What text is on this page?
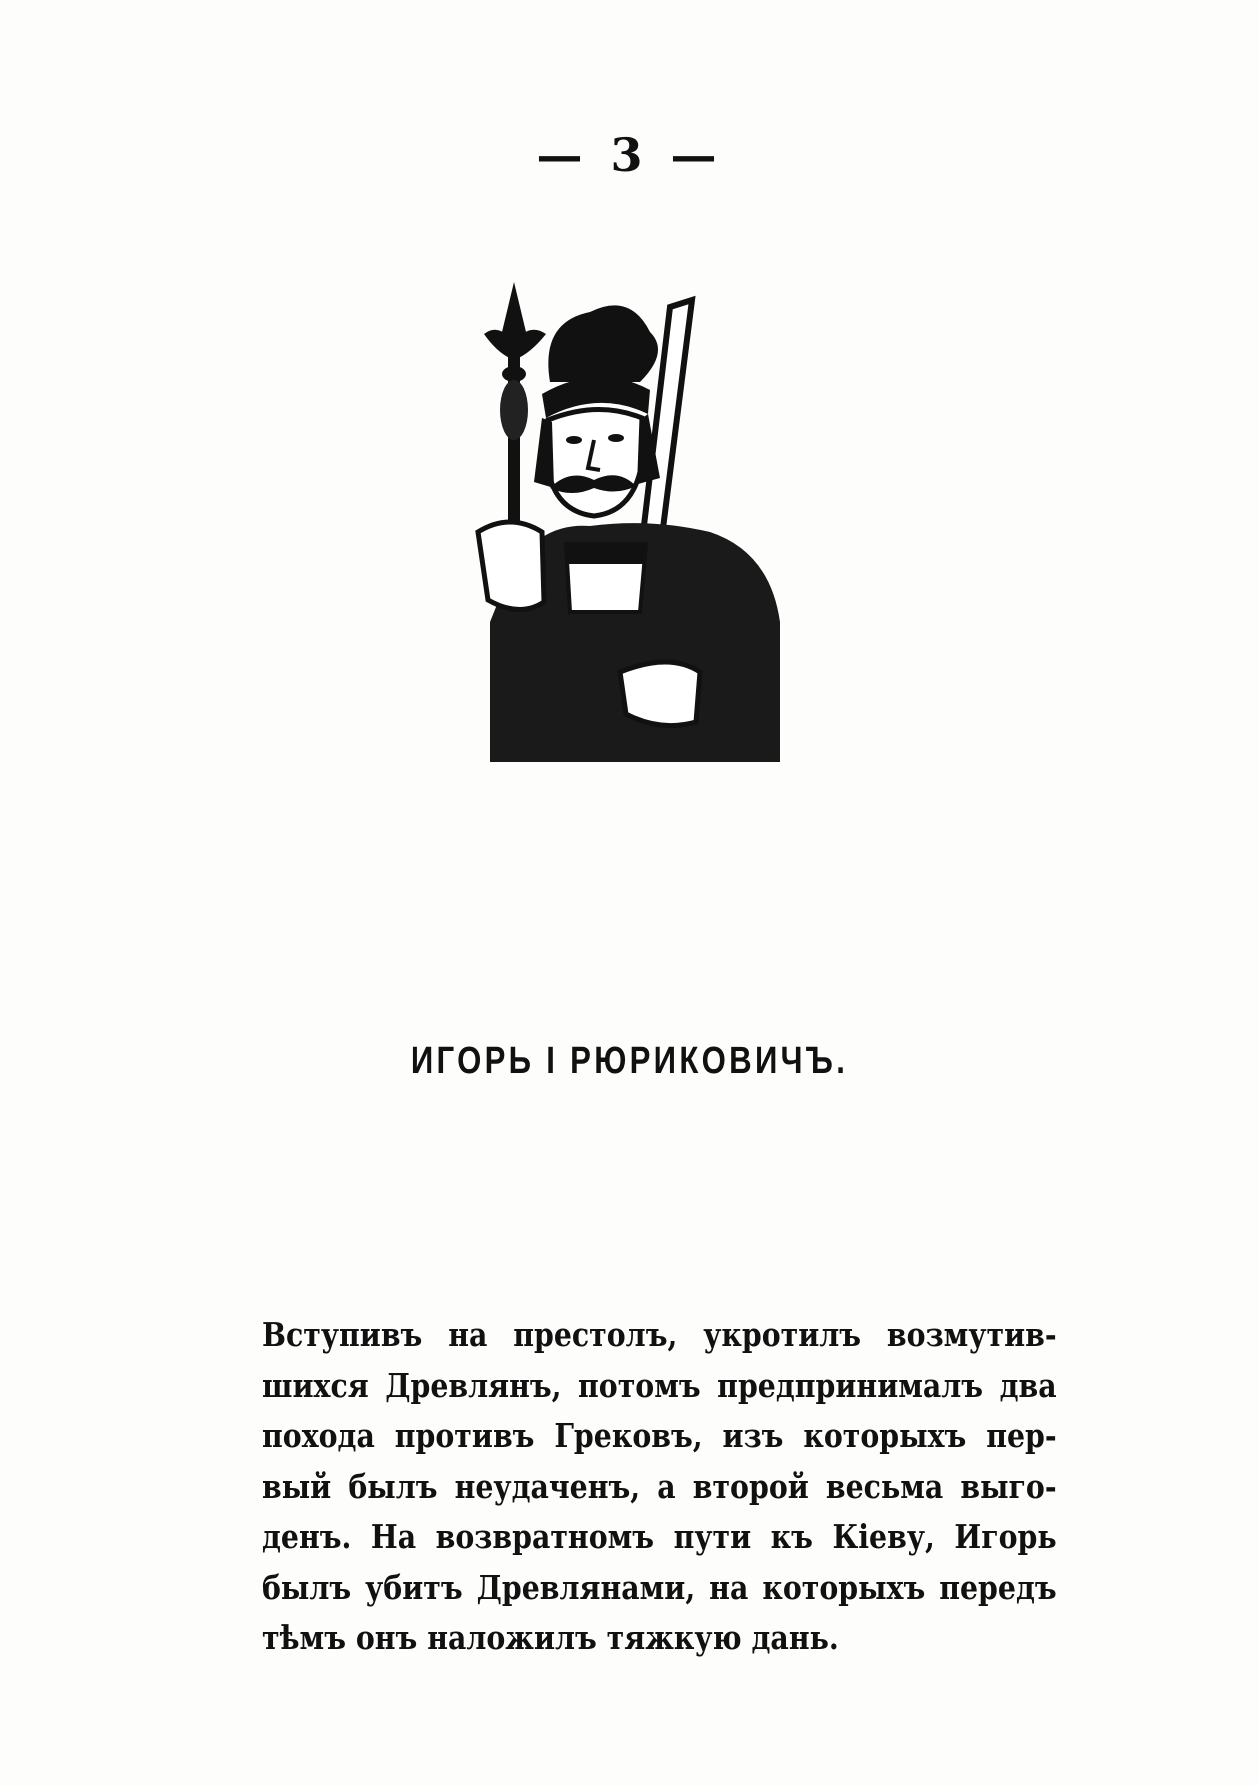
— 3 —
ИГОРЬ I РЮРИКОВИЧЪ.
Вступивъ на престолъ, укротилъ возмутив-
шихся Древлянъ, потомъ предпринималъ два
похода противъ Грековъ, изъ которыхъ пер-
вый былъ неудаченъ, а второй весьма выго-
денъ. На возвратномъ пути къ Кіеву, Игорь
былъ убитъ Древлянами, на которыхъ передъ
тѣмъ онъ наложилъ тяжкую дань.
